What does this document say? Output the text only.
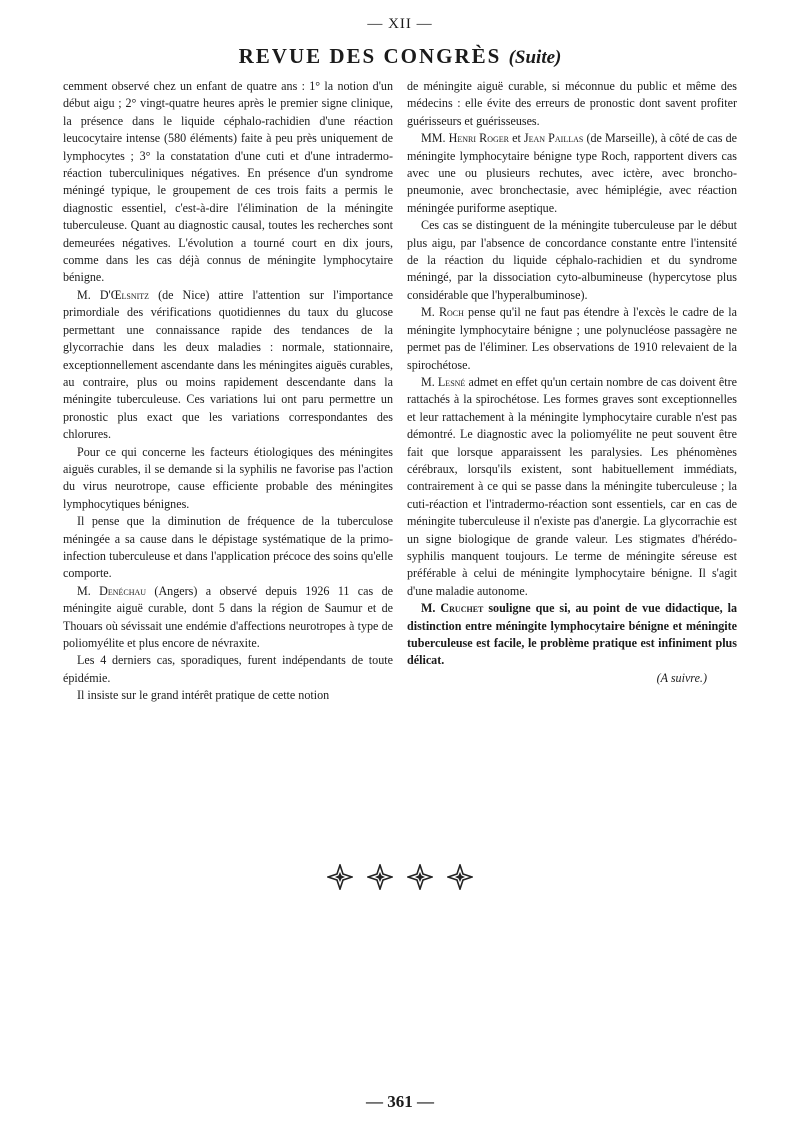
— XII —
REVUE DES CONGRÈS (Suite)

cemment observé chez un enfant de quatre ans : 1° la notion d'un début aigu ; 2° vingt-quatre heures après le premier signe clinique, la présence dans le liquide céphalo-rachidien d'une réaction leucocytaire intense (580 éléments) faite à peu près uniquement de lymphocytes ; 3° la constatation d'une cuti et d'une intradermo-réaction tuberculiniques négatives. En présence d'un syndrome méningé typique, le groupement de ces trois faits a permis le diagnostic essentiel, c'est-à-dire l'élimination de la méningite tuberculeuse. Quant au diagnostic causal, toutes les recherches sont demeurées négatives. L'évolution a tourné court en dix jours, comme dans les cas déjà connus de méningite lymphocytaire bénigne.

M. D'Œlsnitz (de Nice) attire l'attention sur l'importance primordiale des vérifications quotidiennes du taux du glucose permettant une connaissance rapide des tendances de la glycorrachie dans les deux maladies : normale, stationnaire, exceptionnellement ascendante dans les méningites aiguës curables, au contraire, plus ou moins rapidement descendante dans la méningite tuberculeuse. Ces variations lui ont paru permettre un pronostic plus exact que les variations correspondantes des chlorures.

Pour ce qui concerne les facteurs étiologiques des méningites aiguës curables, il se demande si la syphilis ne favorise pas l'action du virus neurotrope, cause efficiente probable des méningites lymphocytiques bénignes.

Il pense que la diminution de fréquence de la tuberculose méningée a sa cause dans le dépistage systématique de la primo-infection tuberculeuse et dans l'application précoce des soins qu'elle comporte.

M. Denéchau (Angers) a observé depuis 1926 11 cas de méningite aiguë curable, dont 5 dans la région de Saumur et de Thouars où sévissait une endémie d'affections neurotropes à type de poliomyélite et plus encore de névraxite.

Les 4 derniers cas, sporadiques, furent indépendants de toute épidémie.

Il insiste sur le grand intérêt pratique de cette notion

de méningite aiguë curable, si méconnue du public et même des médecins : elle évite des erreurs de pronostic dont savent profiter guérisseurs et guérisseuses.

MM. Henri Roger et Jean Paillas (de Marseille), à côté de cas de méningite lymphocytaire bénigne type Roch, rapportent divers cas avec une ou plusieurs rechutes, avec ictère, avec broncho-pneumonie, avec bronchectasie, avec hémiplégie, avec réaction méningée puriforme aseptique.

Ces cas se distinguent de la méningite tuberculeuse par le début plus aigu, par l'absence de concordance constante entre l'intensité de la réaction du liquide céphalo-rachidien et du syndrome méningé, par la dissociation cyto-albumineuse (hypercytose plus considérable que l'hyperalbuminose).

M. Roch pense qu'il ne faut pas étendre à l'excès le cadre de la méningite lymphocytaire bénigne ; une polynucléose passagère ne permet pas de l'éliminer. Les observations de 1910 relevaient de la spirochétose.

M. Lesné admet en effet qu'un certain nombre de cas doivent être rattachés à la spirochétose. Les formes graves sont exceptionnelles et leur rattachement à la méningite lymphocytaire curable n'est pas démontré. Le diagnostic avec la poliomyélite ne peut souvent être fait que lorsque apparaissent les paralysies. Les phénomènes cérébraux, lorsqu'ils existent, sont habituellement immédiats, contrairement à ce qui se passe dans la méningite tuberculeuse ; la cuti-réaction et l'intradermo-réaction sont essentiels, car en cas de méningite tuberculeuse il n'existe pas d'anergie. La glycorrachie est un signe biologique de grande valeur. Les stigmates d'hérédo-syphilis manquent toujours. Le terme de méningite séreuse est préférable à celui de méningite lymphocytaire bénigne. Il s'agit d'une maladie autonome.

M. Cruchet souligne que si, au point de vue didactique, la distinction entre méningite lymphocytaire bénigne et méningite tuberculeuse est facile, le problème pratique est infiniment plus délicat.

(A suivre.)

— 361 —
